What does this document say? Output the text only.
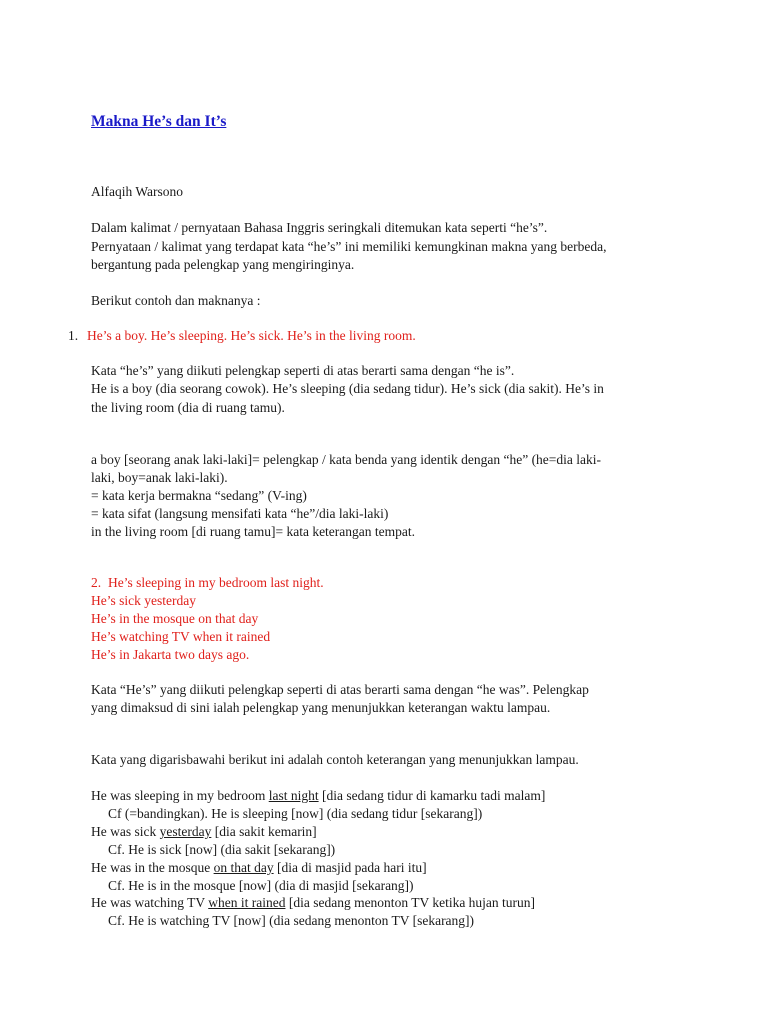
Makna He’s dan It’s
Alfaqih Warsono
Dalam kalimat / pernyataan Bahasa Inggris seringkali ditemukan kata seperti “he’s”.
Pernyataan / kalimat yang terdapat kata “he’s” ini memiliki kemungkinan makna yang berbeda,
bergantung pada pelengkap yang mengiringinya.
Berikut contoh dan maknanya :
1. He’s a boy. He’s sleeping. He’s sick. He’s in the living room.
Kata “he’s” yang diikuti pelengkap seperti di atas berarti sama dengan “he is”.
He is a boy (dia seorang cowok). He’s sleeping (dia sedang tidur). He’s sick (dia sakit). He’s in
the living room (dia di ruang tamu).
a boy [seorang anak laki-laki]= pelengkap / kata benda yang identik dengan “he” (he=dia laki-
laki, boy=anak laki-laki).
= kata kerja bermakna “sedang” (V-ing)
= kata sifat (langsung mensifati kata “he”/dia laki-laki)
in the living room [di ruang tamu]= kata keterangan tempat.
2. He’s sleeping in my bedroom last night.
He’s sick yesterday
He’s in the mosque on that day
He’s watching TV when it rained
He’s in Jakarta two days ago.
Kata “He’s” yang diikuti pelengkap seperti di atas berarti sama dengan “he was”. Pelengkap
yang dimaksud di sini ialah pelengkap yang menunjukkan keterangan waktu lampau.
Kata yang digarisbawahi berikut ini adalah contoh keterangan yang menunjukkan lampau.
He was sleeping in my bedroom last night [dia sedang tidur di kamarku tadi malam]
Cf (=bandingkan). He is sleeping [now] (dia sedang tidur [sekarang])
He was sick yesterday [dia sakit kemarin]
Cf. He is sick [now] (dia sakit [sekarang])
He was in the mosque on that day [dia di masjid pada hari itu]
Cf. He is in the mosque [now] (dia di masjid [sekarang])
He was watching TV when it rained [dia sedang menonton TV ketika hujan turun]
Cf. He is watching TV [now] (dia sedang menonton TV [sekarang])
